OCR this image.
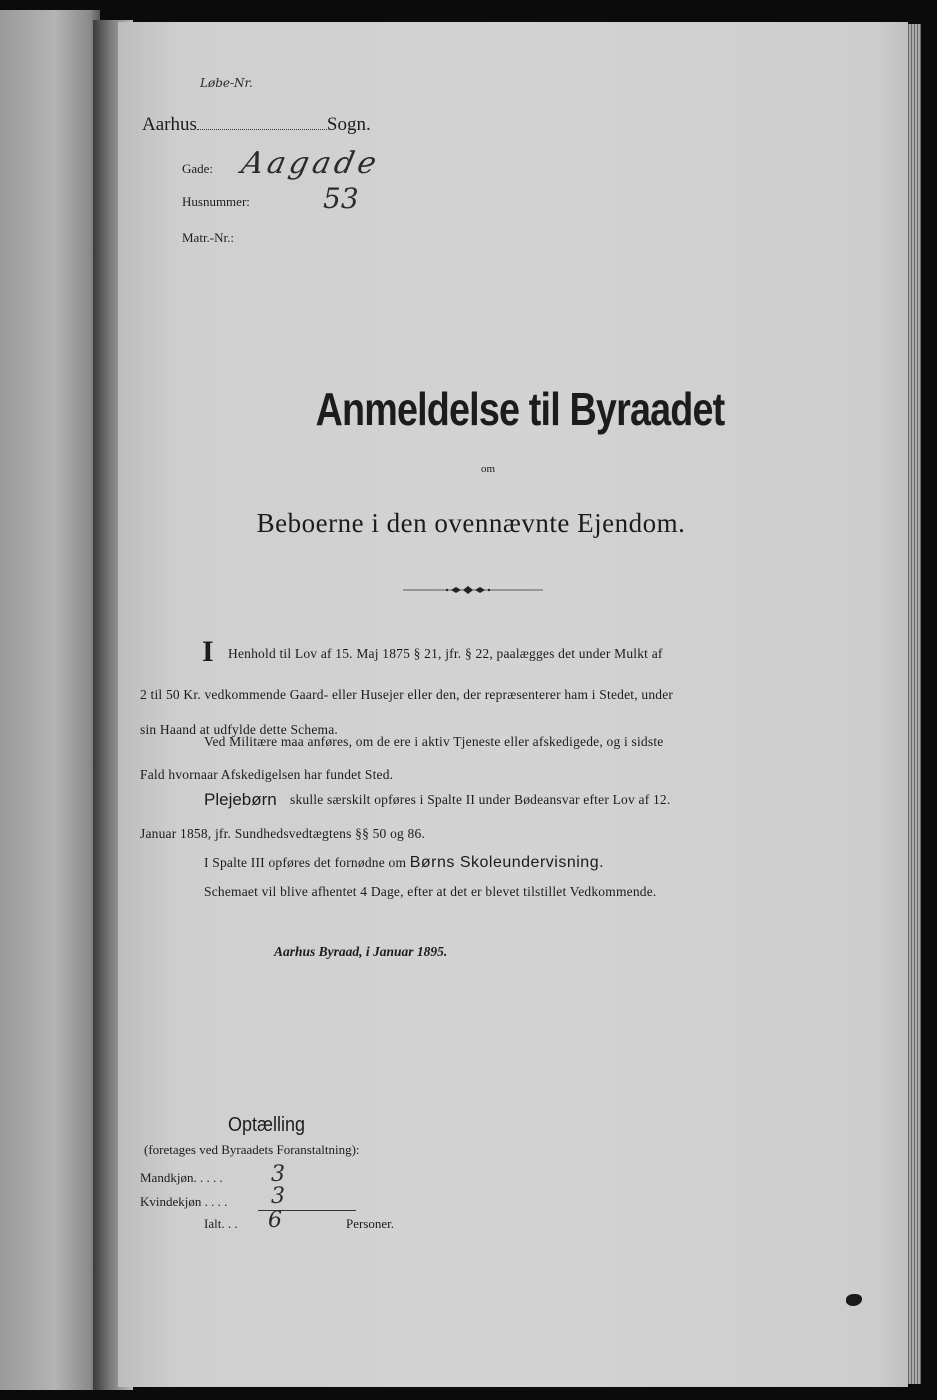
Løbe-Nr.
Aarhus	Sogn.
Gade: Aagade
Husnummer:	53
Matr.-Nr.:
Anmeldelse til Byraadet
om
Beboerne i den ovennævnte Ejendom.
I Henhold til Lov af 15. Maj 1875 § 21, jfr. § 22, paalægges det under Mulkt af
2 til 50 Kr. vedkommende Gaard- eller Husejer eller den, der repræsenterer ham i Stedet, under
sin Haand at udfylde dette Schema.
Ved Militære maa anføres, om de ere i aktiv Tjeneste eller afskedigede, og i sidste
Fald hvornaar Afskedigelsen har fundet Sted.
Plejebørn skulle særskilt opføres i Spalte II under Bødeansvar efter Lov af 12.
Januar 1858, jfr. Sundhedsvedtægtens §§ 50 og 86.
I Spalte III opføres det fornødne om Børns Skoleundervisning.
Schemaet vil blive afhentet 4 Dage, efter at det er blevet tilstillet Vedkommende.
Aarhus Byraad, i Januar 1895.
Optælling
(foretages ved Byraadets Foranstaltning):
Mandkjøn. . . . . 3
Kvindekjøn . . . . 3
Ialt. . . 6	Personer.
